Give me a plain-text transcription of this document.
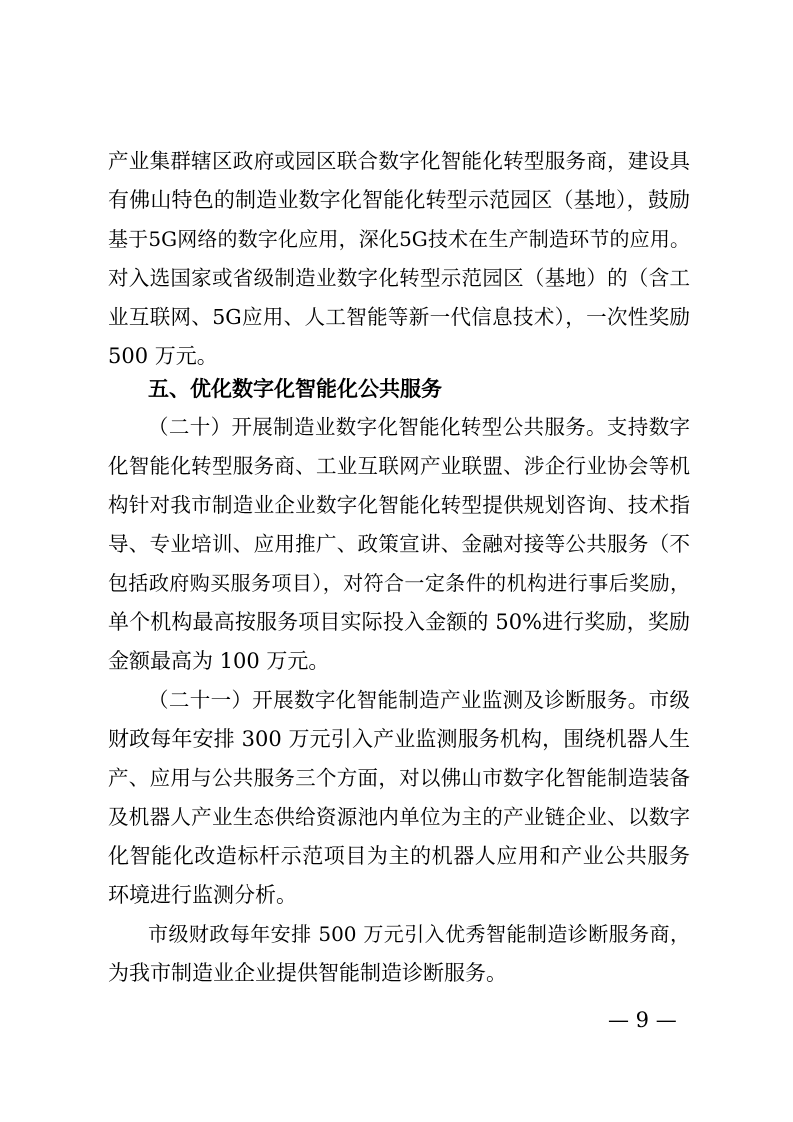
产业集群辖区政府或园区联合数字化智能化转型服务商，建设具
有佛山特色的制造业数字化智能化转型示范园区（基地），鼓励
基于5G网络的数字化应用，深化5G技术在生产制造环节的应用。
对入选国家或省级制造业数字化转型示范园区（基地）的（含工
业互联网、5G应用、人工智能等新一代信息技术），一次性奖励
500 万元。
五、优化数字化智能化公共服务
（二十）开展制造业数字化智能化转型公共服务。支持数字
化智能化转型服务商、工业互联网产业联盟、涉企行业协会等机
构针对我市制造业企业数字化智能化转型提供规划咨询、技术指
导、专业培训、应用推广、政策宣讲、金融对接等公共服务（不
包括政府购买服务项目），对符合一定条件的机构进行事后奖励，
单个机构最高按服务项目实际投入金额的 50%进行奖励，奖励
金额最高为 100 万元。
（二十一）开展数字化智能制造产业监测及诊断服务。市级
财政每年安排 300 万元引入产业监测服务机构，围绕机器人生
产、应用与公共服务三个方面，对以佛山市数字化智能制造装备
及机器人产业生态供给资源池内单位为主的产业链企业、以数字
化智能化改造标杆示范项目为主的机器人应用和产业公共服务
环境进行监测分析。
市级财政每年安排 500 万元引入优秀智能制造诊断服务商，
为我市制造业企业提供智能制造诊断服务。
— 9 —
